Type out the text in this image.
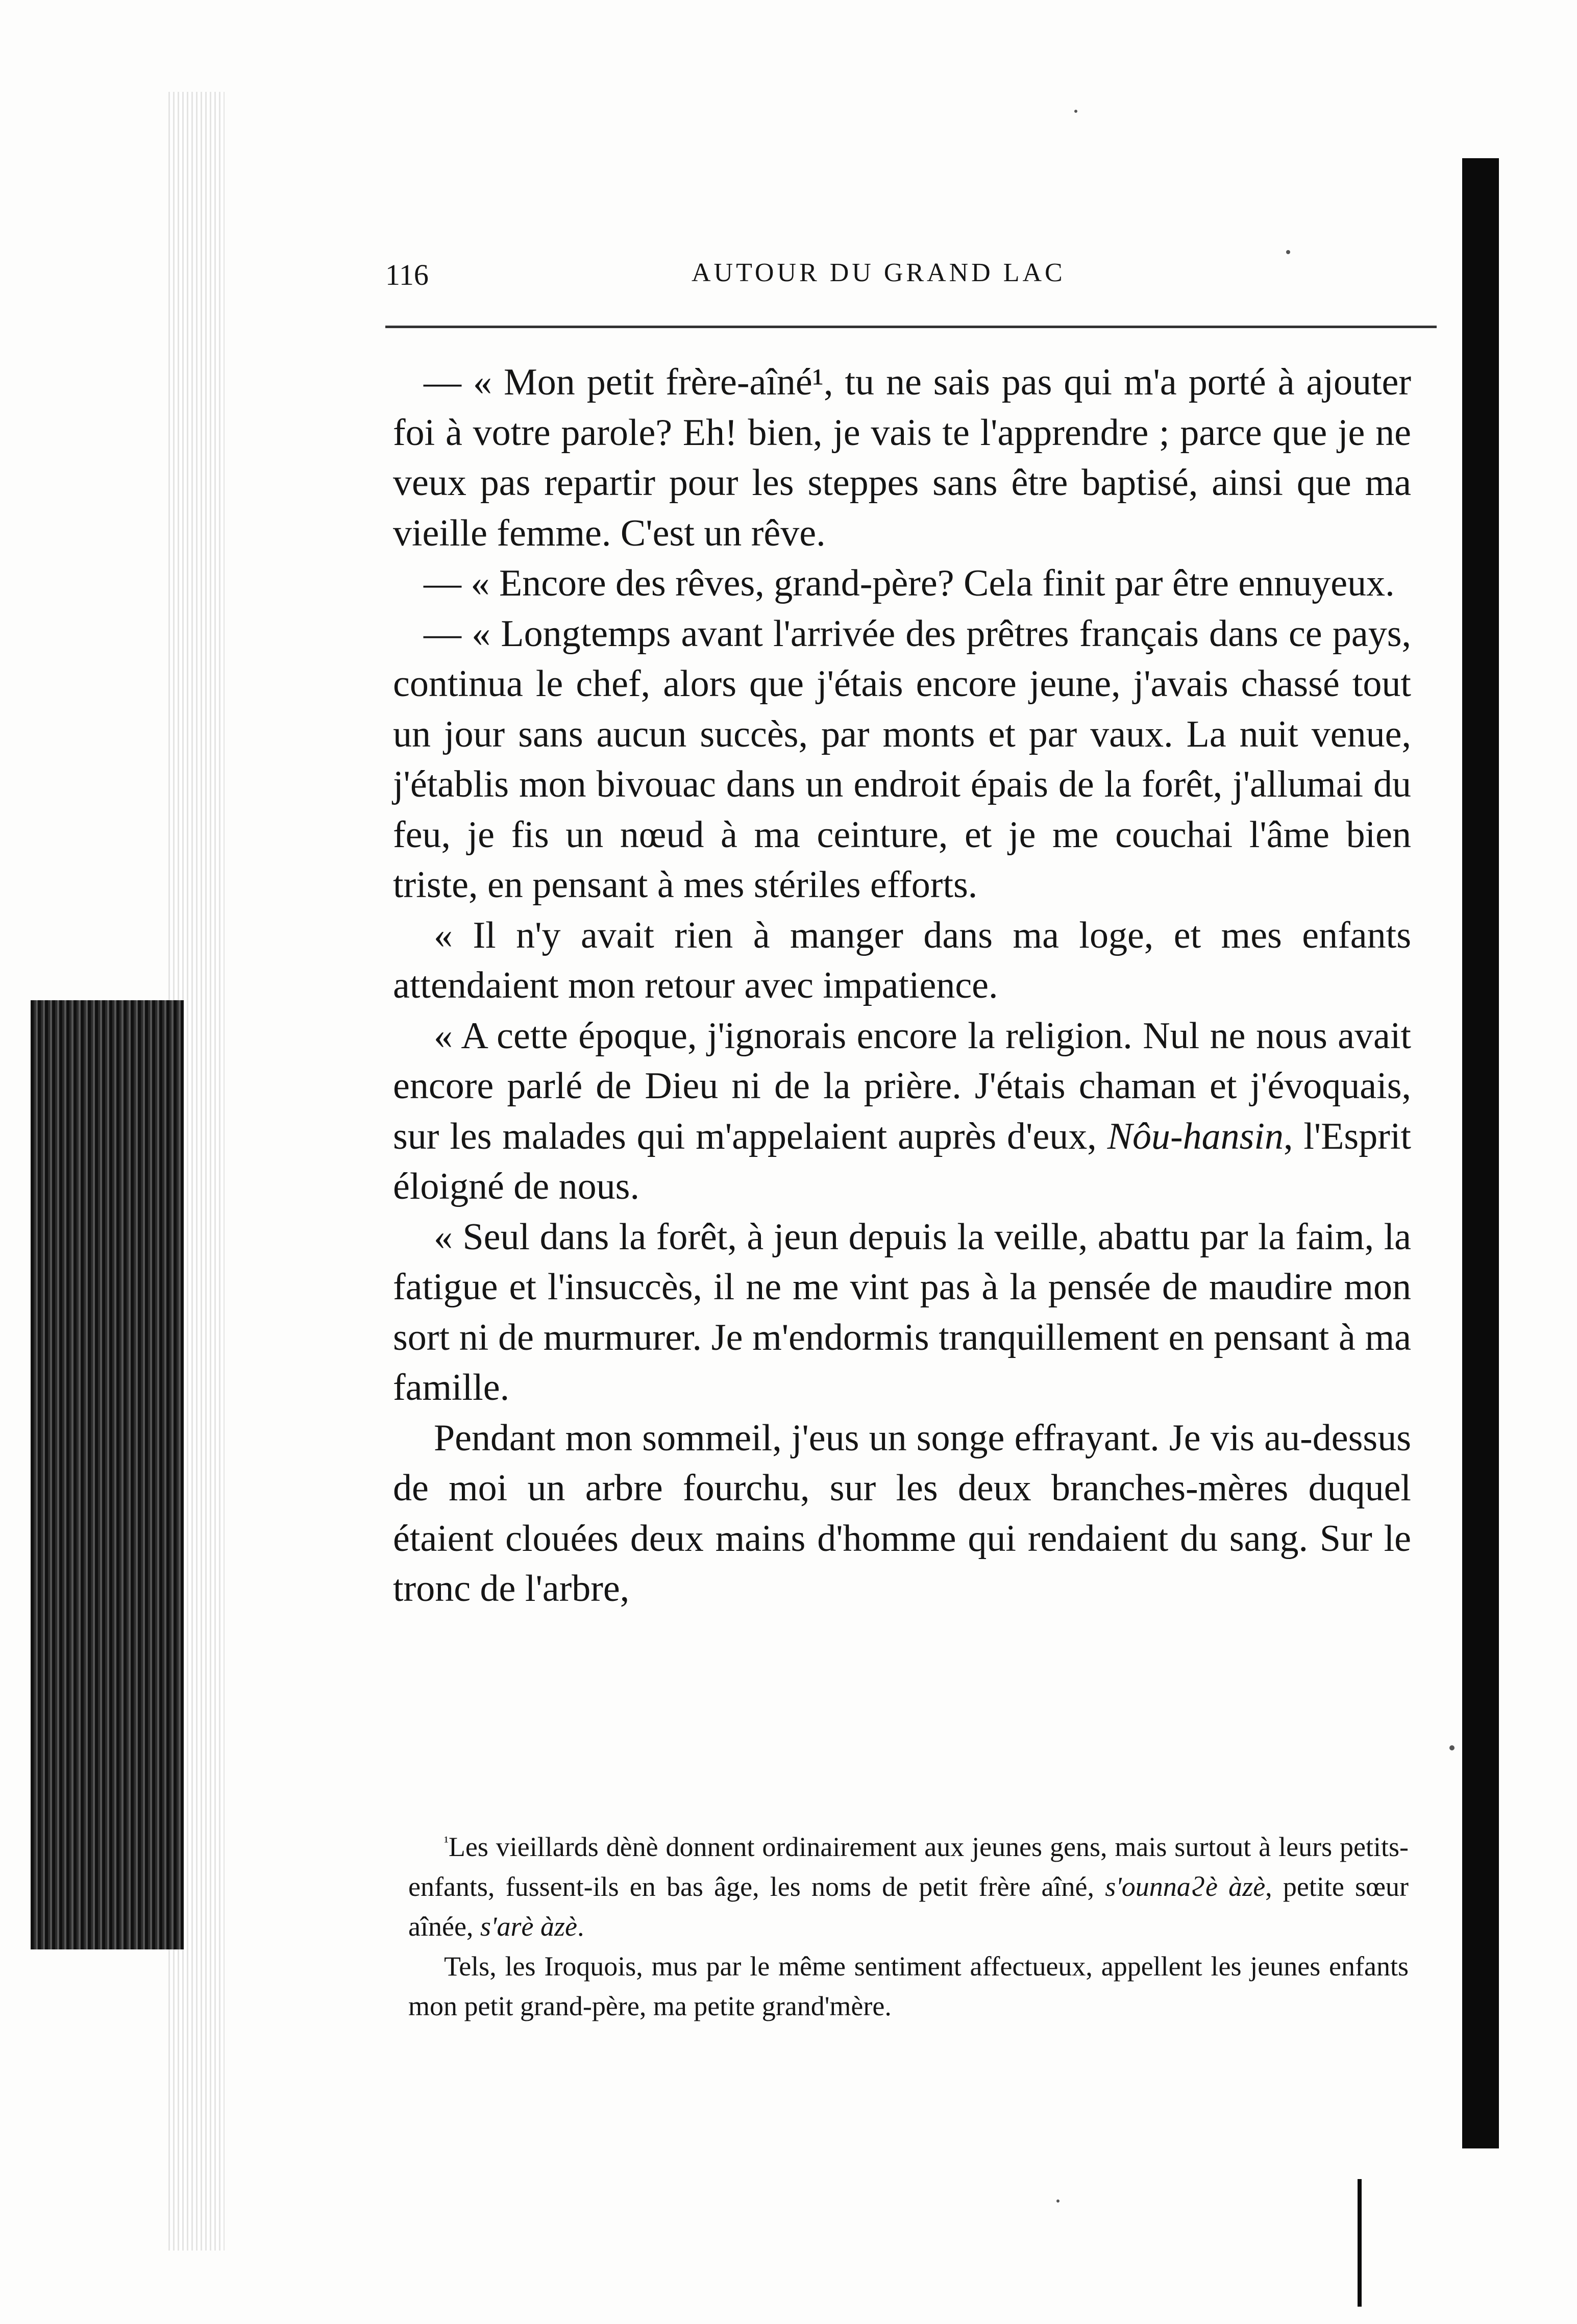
116	AUTOUR DU GRAND LAC

— « Mon petit frère-aîné¹, tu ne sais pas qui m'a porté à ajouter foi à votre parole? Eh! bien, je vais te l'apprendre ; parce que je ne veux pas repartir pour les steppes sans être baptisé, ainsi que ma vieille femme. C'est un rêve.

— « Encore des rêves, grand-père? Cela finit par être ennuyeux.

— « Longtemps avant l'arrivée des prêtres français dans ce pays, continua le chef, alors que j'étais encore jeune, j'avais chassé tout un jour sans aucun succès, par monts et par vaux. La nuit venue, j'établis mon bivouac dans un endroit épais de la forêt, j'allumai du feu, je fis un nœud à ma ceinture, et je me couchai l'âme bien triste, en pensant à mes stériles efforts.

« Il n'y avait rien à manger dans ma loge, et mes enfants attendaient mon retour avec impatience.

« A cette époque, j'ignorais encore la religion. Nul ne nous avait encore parlé de Dieu ni de la prière. J'étais chaman et j'évoquais, sur les malades qui m'appelaient auprès d'eux, Nôu-hansin, l'Esprit éloigné de nous.

« Seul dans la forêt, à jeun depuis la veille, abattu par la faim, la fatigue et l'insuccès, il ne me vint pas à la pensée de maudire mon sort ni de murmurer. Je m'endormis tranquillement en pensant à ma famille.

Pendant mon sommeil, j'eus un songe effrayant. Je vis au-dessus de moi un arbre fourchu, sur les deux branches-mères duquel étaient clouées deux mains d'homme qui rendaient du sang. Sur le tronc de l'arbre,

$^{^1}$Les vieillards dènè donnent ordinairement aux jeunes gens, mais surtout à leurs petits-enfants, fussent-ils en bas âge, les noms de petit frère aîné, s'ounnaϩè àzè, petite sœur aînée, s'arè àzè.

Tels, les Iroquois, mus par le même sentiment affectueux, appellent les jeunes enfants mon petit grand-père, ma petite grand'mère.
